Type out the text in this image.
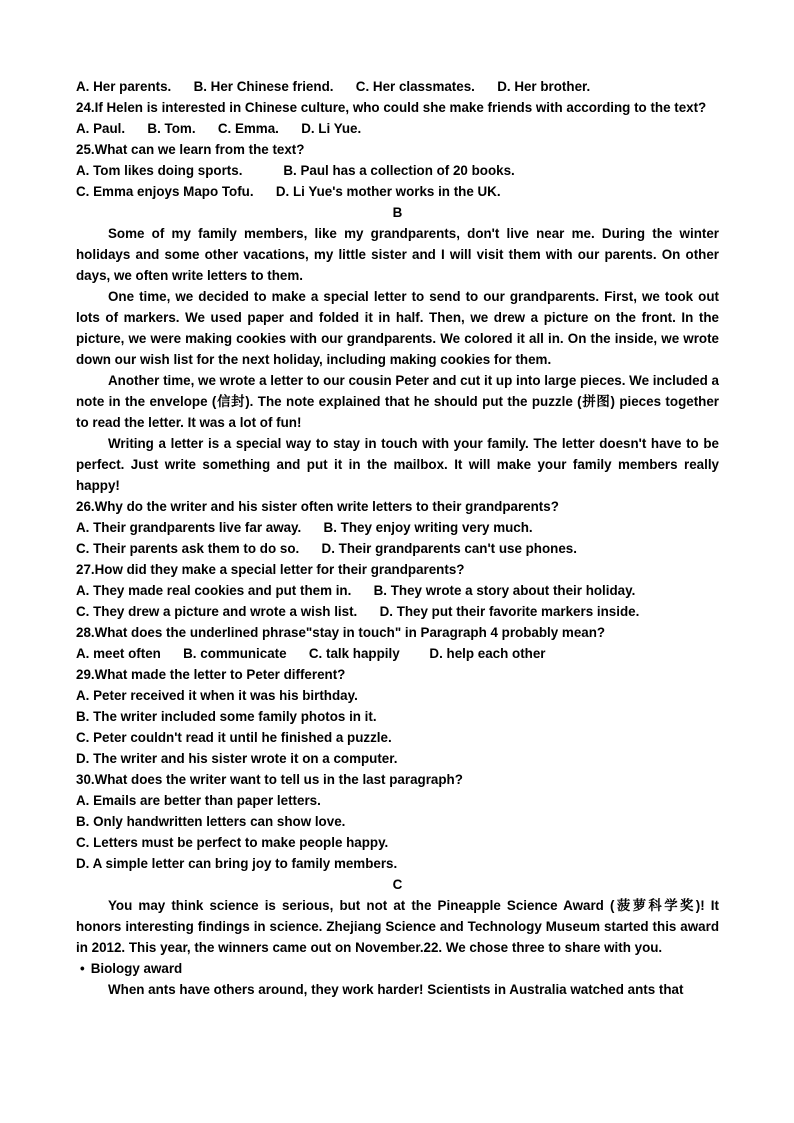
A. Her parents.      B. Her Chinese friend.      C. Her classmates.      D. Her brother.
24.If Helen is interested in Chinese culture, who could she make friends with according to the text?
A. Paul.      B. Tom.      C. Emma.      D. Li Yue.
25.What can we learn from the text?
A. Tom likes doing sports.           B. Paul has a collection of 20 books.
C. Emma enjoys Mapo Tofu.      D. Li Yue's mother works in the UK.
B

Some of my family members, like my grandparents, don't live near me. During the winter holidays and some other vacations, my little sister and I will visit them with our parents. On other days, we often write letters to them.

One time, we decided to make a special letter to send to our grandparents. First, we took out lots of markers. We used paper and folded it in half. Then, we drew a picture on the front. In the picture, we were making cookies with our grandparents. We colored it all in. On the inside, we wrote down our wish list for the next holiday, including making cookies for them.

Another time, we wrote a letter to our cousin Peter and cut it up into large pieces. We included a note in the envelope (信封). The note explained that he should put the puzzle (拼图) pieces together to read the letter. It was a lot of fun!

Writing a letter is a special way to stay in touch with your family. The letter doesn't have to be perfect. Just write something and put it in the mailbox. It will make your family members really happy!

26.Why do the writer and his sister often write letters to their grandparents?
A. Their grandparents live far away.      B. They enjoy writing very much.
C. Their parents ask them to do so.      D. Their grandparents can't use phones.
27.How did they make a special letter for their grandparents?
A. They made real cookies and put them in.      B. They wrote a story about their holiday.
C. They drew a picture and wrote a wish list.      D. They put their favorite markers inside.
28.What does the underlined phrase"stay in touch" in Paragraph 4 probably mean?
A. meet often      B. communicate      C. talk happily        D. help each other
29.What made the letter to Peter different?
A. Peter received it when it was his birthday.
B. The writer included some family photos in it.
C. Peter couldn't read it until he finished a puzzle.
D. The writer and his sister wrote it on a computer.
30.What does the writer want to tell us in the last paragraph?
A. Emails are better than paper letters.
B. Only handwritten letters can show love.
C. Letters must be perfect to make people happy.
D. A simple letter can bring joy to family members.
C

You may think science is serious, but not at the Pineapple Science Award (菠萝科学奖)! It honors interesting findings in science. Zhejiang Science and Technology Museum started this award in 2012. This year, the winners came out on November.22. We chose three to share with you.

• Biology award

When ants have others around, they work harder! Scientists in Australia watched ants that
